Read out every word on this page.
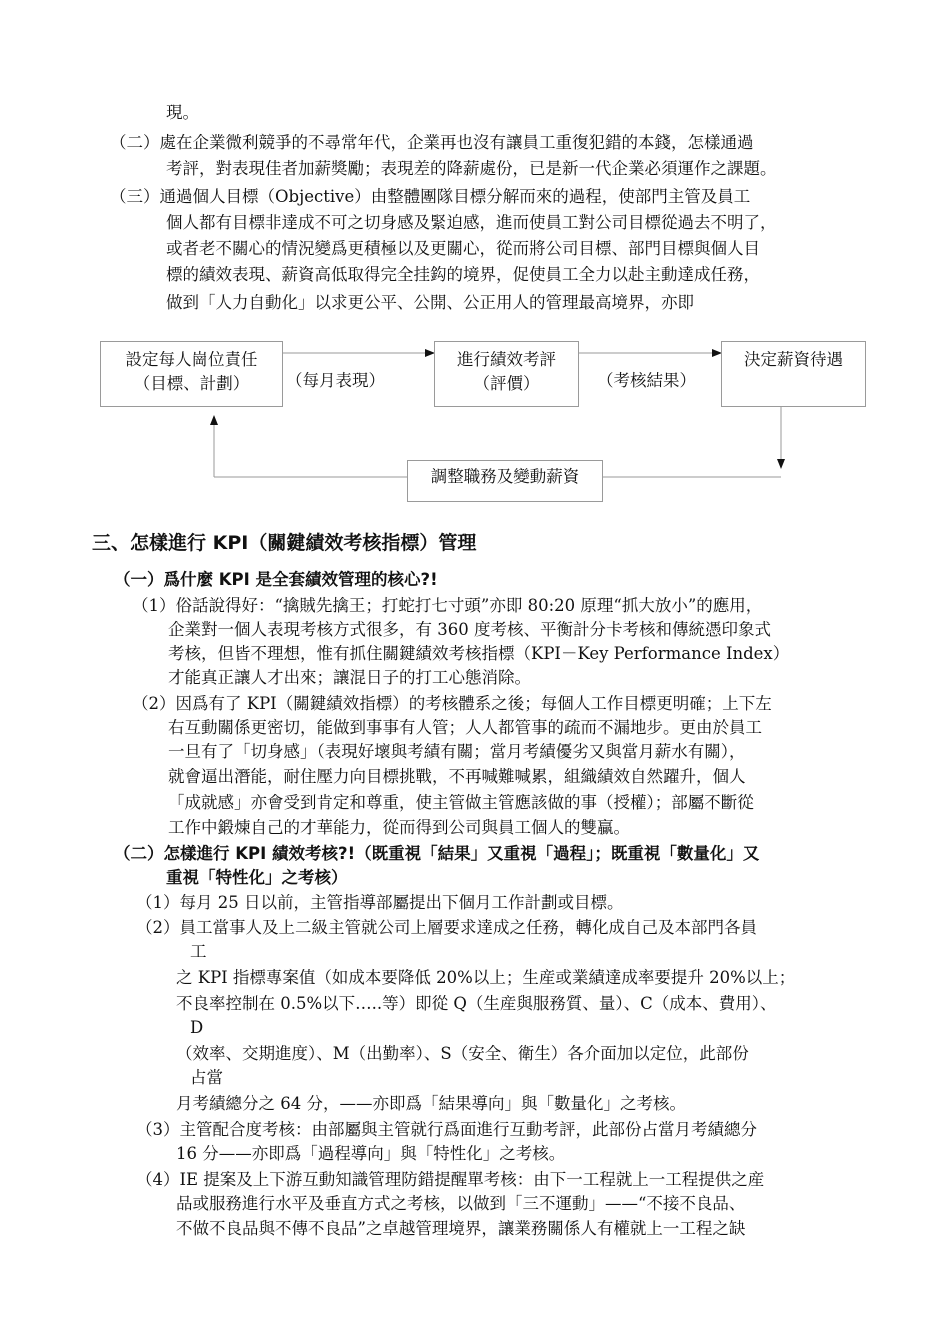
現。
（二）處在企業微利競爭的不尋常年代，企業再也沒有讓員工重復犯錯的本錢，怎樣通過
考評，對表現佳者加薪獎勵；表現差的降薪處份，已是新一代企業必須運作之課題。
（三）通過個人目標（Objective）由整體團隊目標分解而來的過程，使部門主管及員工
個人都有目標非達成不可之切身感及緊迫感，進而使員工對公司目標從過去不明了，
或者老不關心的情況變爲更積極以及更關心，從而將公司目標、部門目標與個人目
標的績效表現、薪資高低取得完全挂鈎的境界，促使員工全力以赴主動達成任務，
做到「人力自動化」以求更公平、公開、公正用人的管理最高境界，亦即
設定每人崗位責任
（目標、計劃）	（每月表現）
進行績效考評
（評價）	（考核結果）
決定薪資待遇
調整職務及變動薪資
三、怎樣進行 KPI（關鍵績效考核指標）管理
（一）爲什麼 KPI 是全套績效管理的核心?!
（1）俗話說得好：“擒賊先擒王；打蛇打七寸頭”亦即 80:20 原理“抓大放小”的應用，
企業對一個人表現考核方式很多，有 360 度考核、平衡計分卡考核和傳統憑印象式
考核，但皆不理想，惟有抓住關鍵績效考核指標（KPI－Key Performance Index）
才能真正讓人才出來；讓混日子的打工心態消除。
（2）因爲有了 KPI（關鍵績效指標）的考核體系之後；每個人工作目標更明確；上下左
右互動關係更密切，能做到事事有人管；人人都管事的疏而不漏地步。更由於員工
一旦有了「切身感」（表現好壞與考績有關；當月考績優劣又與當月薪水有關），
就會逼出潛能，耐住壓力向目標挑戰，不再喊難喊累，組織績效自然躍升，個人
「成就感」亦會受到肯定和尊重，使主管做主管應該做的事（授權）；部屬不斷從
工作中鍛煉自己的才華能力，從而得到公司與員工個人的雙贏。
（二）怎樣進行 KPI 績效考核?!（既重視「結果」又重視「過程」；既重視「數量化」又
重視「特性化」之考核）
（1）每月 25 日以前，主管指導部屬提出下個月工作計劃或目標。
（2）員工當事人及上二級主管就公司上層要求達成之任務，轉化成自己及本部門各員
工
之 KPI 指標專案值（如成本要降低 20%以上；生産或業績達成率要提升 20%以上；
不良率控制在 0.5%以下…..等）即從 Q（生産與服務質、量）、C（成本、費用）、
D
（效率、交期進度）、M（出勤率）、S（安全、衛生）各介面加以定位，此部份
占當
月考績總分之 64 分，——亦即爲「結果導向」與「數量化」之考核。
（3）主管配合度考核：由部屬與主管就行爲面進行互動考評，此部份占當月考績總分
16 分——亦即爲「過程導向」與「特性化」之考核。
（4）IE 提案及上下游互動知識管理防錯提醒單考核：由下一工程就上一工程提供之産
品或服務進行水平及垂直方式之考核，以做到「三不運動」——“不接不良品、
不做不良品與不傳不良品”之卓越管理境界，讓業務關係人有權就上一工程之缺
